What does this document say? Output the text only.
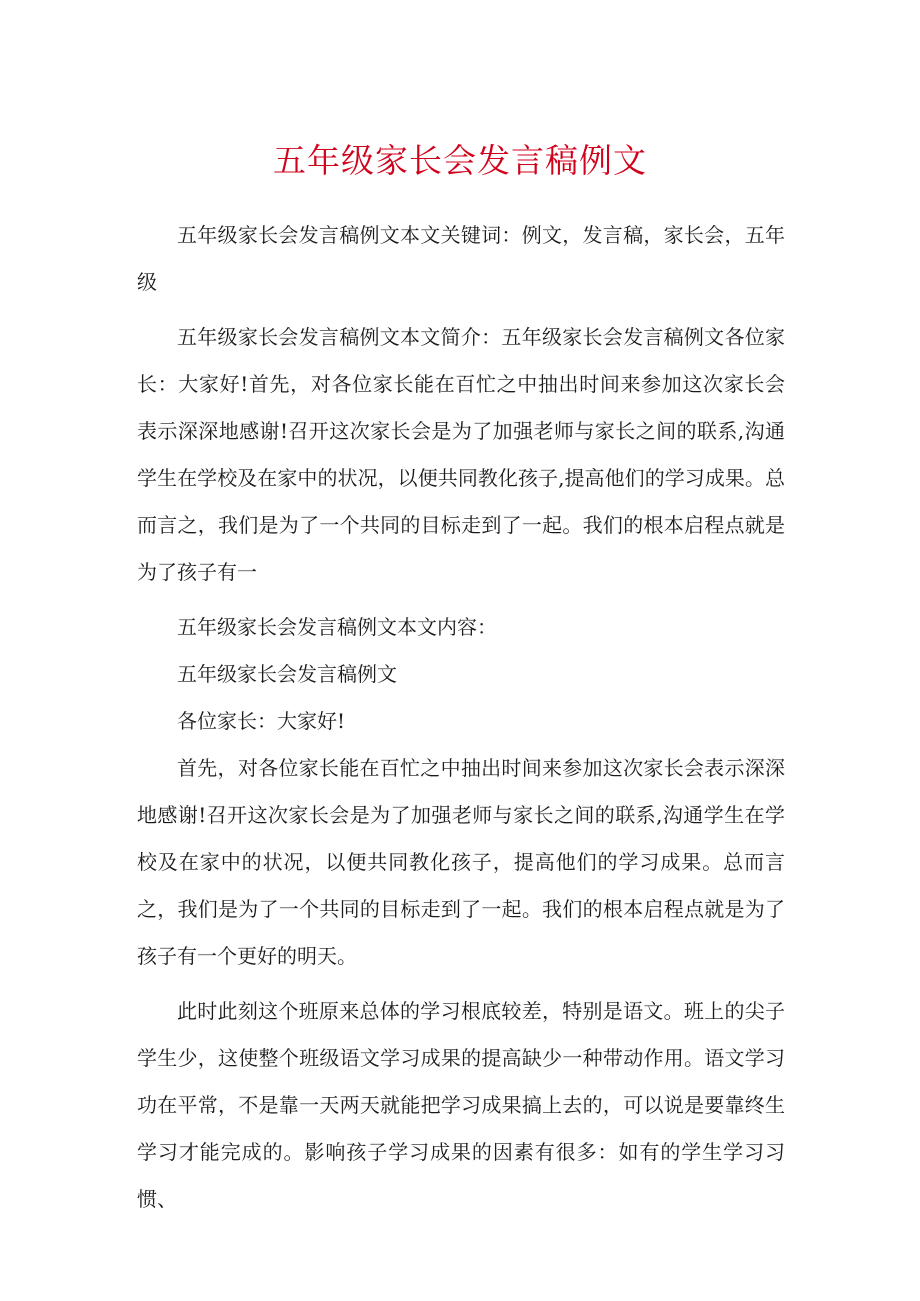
五年级家长会发言稿例文

五年级家长会发言稿例文本文关键词：例文，发言稿，家长会，五年级

五年级家长会发言稿例文本文简介：五年级家长会发言稿例文各位家长：大家好!首先，对各位家长能在百忙之中抽出时间来参加这次家长会表示深深地感谢!召开这次家长会是为了加强老师与家长之间的联系,沟通学生在学校及在家中的状况，以便共同教化孩子,提高他们的学习成果。总而言之，我们是为了一个共同的目标走到了一起。我们的根本启程点就是为了孩子有一

五年级家长会发言稿例文本文内容：

五年级家长会发言稿例文

各位家长：大家好!

首先，对各位家长能在百忙之中抽出时间来参加这次家长会表示深深地感谢!召开这次家长会是为了加强老师与家长之间的联系,沟通学生在学校及在家中的状况，以便共同教化孩子，提高他们的学习成果。总而言之，我们是为了一个共同的目标走到了一起。我们的根本启程点就是为了孩子有一个更好的明天。

此时此刻这个班原来总体的学习根底较差，特别是语文。班上的尖子学生少，这使整个班级语文学习成果的提高缺少一种带动作用。语文学习功在平常，不是靠一天两天就能把学习成果搞上去的，可以说是要靠终生学习才能完成的。影响孩子学习成果的因素有很多：如有的学生学习习惯、
